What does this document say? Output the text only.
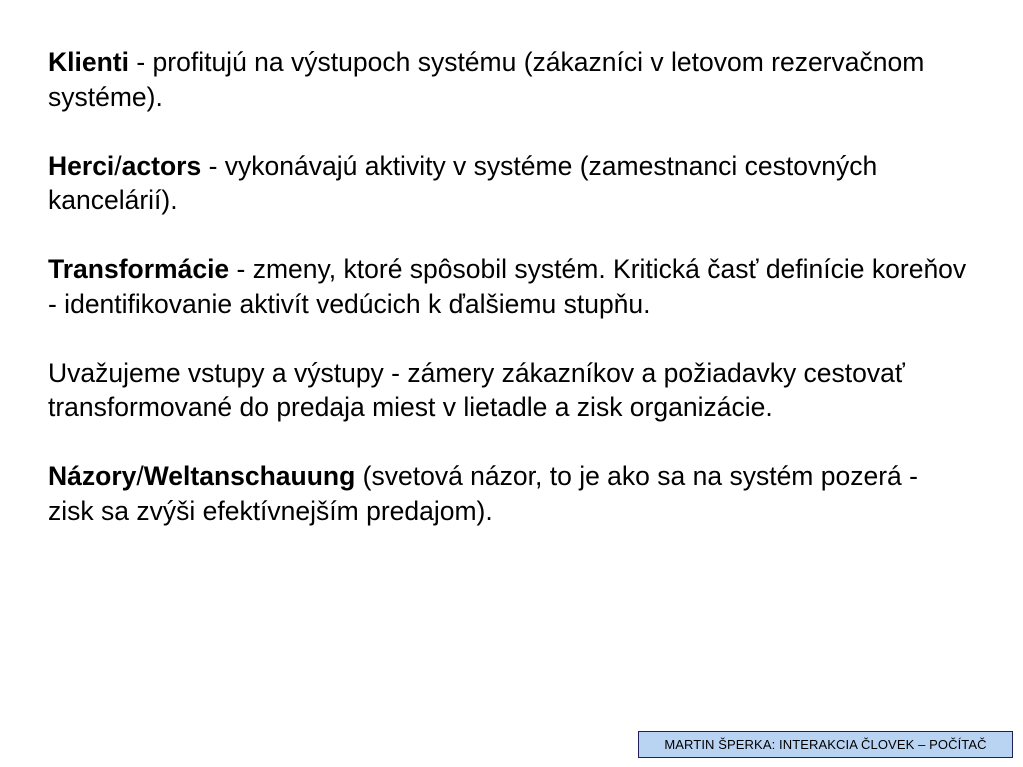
Klienti - profitujú na výstupoch systému (zákazníci v letovom rezervačnom systéme).

Herci/actors - vykonávajú aktivity v systéme (zamestnanci cestovných kancelárií).

Transformácie - zmeny, ktoré spôsobil systém. Kritická časť definície koreňov - identifikovanie aktivít vedúcich k ďalšiemu stupňu.

Uvažujeme vstupy a výstupy - zámery zákazníkov a požiadavky cestovať transformované do predaja miest v lietadle a zisk organizácie.

Názory/Weltanschauung (svetová názor, to je ako sa na systém pozerá - zisk sa zvýši efektívnejším predajom).

MARTIN ŠPERKA: INTERAKCIA ČLOVEK – POČÍTAČ
